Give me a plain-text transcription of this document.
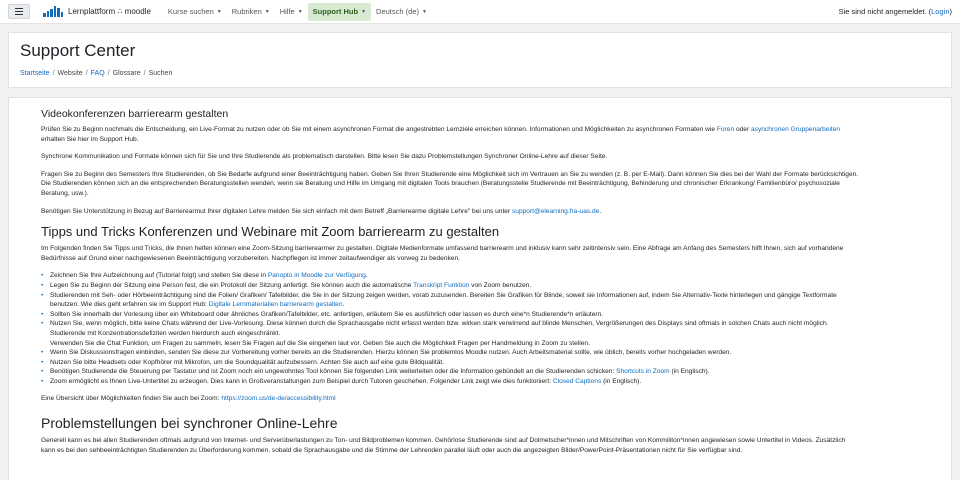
Lernplattform ∴ moodle Kurse suchen ▼ Rubriken ▼ Hilfe ▼ Support Hub ▼ Deutsch (de) ▼	Sie sind nicht angemeldet. (Login)
Support Center
Startseite / Website / FAQ / Glossare / Suchen
Videokonferenzen barrierearm gestalten

Prüfen Sie zu Beginn nochmals die Entscheidung, ein Live-Format zu nutzen oder ob Sie mit einem asynchronen Format die angestrebten Lernziele erreichen können. Informationen und Möglichkeiten zu asynchronen Formaten wie Foren oder asynchronen Gruppenarbeiten erhalten Sie hier im Support Hub.

Synchrone Kommunikation und Formate können sich für Sie und Ihre Studierende als problematisch darstellen. Bitte lesen Sie dazu Problemstellungen Synchroner Online-Lehre auf dieser Seite.

Fragen Sie zu Beginn des Semesters Ihre Studierenden, ob Sie Bedarfe aufgrund einer Beeinträchtigung haben. Geben Sie Ihren Studierende eine Möglichkeit sich im Vertrauen an Sie zu wenden (z. B. per E-Mail). Dann können Sie dies bei der Wahl der Formate berücksichtigen. Die Studierenden können sich an die entsprechenden Beratungsstellen wenden, wenn sie Beratung und Hilfe im Umgang mit digitalen Tools brauchen (Beratungsstelle Studierende mit Beeinträchtigung, Behinderung und chronischer Erkrankung/ Familienbüro/ psychosoziale Beratung, usw.).

Benötigen Sie Unterstützung in Bezug auf Barrierearmut Ihrer digitalen Lehre melden Sie sich einfach mit dem Betreff „Barrierearme digitale Lehre" bei uns unter support@elearning.fra-uas.de.

Tipps und Tricks Konferenzen und Webinare mit Zoom barrierearm zu gestalten

Im Folgenden finden Sie Tipps und Tricks, die Ihnen helfen können eine Zoom-Sitzung barrierearmer zu gestalten. Digitale Medienformate umfassend barrierearm und inklusiv kann sehr zeitintensiv sein. Eine Abfrage am Anfang des Semesters hilft Ihnen, sich auf vorhandene Bedürfnisse auf Grund einer nachgewiesenen Beeinträchtigung vorzubereiten. Nachpflegen ist immer zeitaufwendiger als vorweg zu bedenken.

• Zeichnen Sie Ihre Aufzeichnung auf (Tutorial folgt) und stellen Sie diese in Panopto in Moodle zur Verfügung.
• Legen Sie zu Beginn der Sitzung eine Person fest, die ein Protokoll der Sitzung anfertigt. Sie können auch die automatische Transkript Funktion von Zoom benutzen.
• Studierenden mit Seh- oder Hörbeeinträchtigung sind die Folien/ Grafiken/ Tafelbilder, die Sie in der Sitzung zeigen werden, vorab zuzusenden. Bereiten Sie Grafiken für Blinde, soweit sie Informationen auf, indem Sie Alternativ-Texte hinterlegen und gängige Textformate benutzen. Wie dies geht erfahren sie im Support Hub: Digitale Lernmaterialien barrierearm gestalten.
• Sollten Sie innerhalb der Vorlesung über ein Whiteboard oder ähnliches Grafiken/Tafelbilder, etc. anfertigen, erläutern Sie es ausführlich oder lassen es durch eine*n Studierende*n erläutern.
• Nutzen Sie, wenn möglich, bitte keine Chats während der Live-Vorlesung. Diese können durch die Sprachausgabe nicht erfasst werden bzw. wirken stark verwirrend auf blinde Menschen, Vergrößerungen des Displays sind oftmals in solchen Chats auch nicht möglich. Studierende mit Konzentrationsdefiziten werden hierdurch auch eingeschränkt.
Verwenden Sie die Chat Funktion, um Fragen zu sammeln, lesen Sie Fragen auf die Sie eingehen laut vor. Geben Sie auch die Möglichkeit Fragen per Handmeldung in Zoom zu stellen.
• Wenn Sie Diskussionsfragen einbinden, senden Sie diese zur Vorbereitung vorher bereits an die Studierenden. Hierzu können Sie problemlos Moodle nutzen. Auch Arbeitsmaterial sollte, wie üblich, bereits vorher hochgeladen werden.
• Nutzen Sie bitte Headsets oder Kopfhörer mit Mikrofon, um die Soundqualität aufzubessern. Achten Sie auch auf eine gute Bildqualität.
• Benötigen Studierende die Steuerung per Tastatur und ist Zoom noch ein ungewohntes Tool können Sie folgenden Link weiterleiten oder die Information gebündelt an die Studierenden schicken: Shortcuts in Zoom (in Englisch).
• Zoom ermöglicht es Ihnen Live-Untertitel zu erzeugen. Dies kann in Großveranstaltungen zum Beispiel durch Tutoren geschehen. Folgender Link zeigt wie dies funktioniert: Closed Captions (in Englisch).

Eine Übersicht über Möglichkeiten finden Sie auch bei Zoom: https://zoom.us/de-de/accessibility.html

Problemstellungen bei synchroner Online-Lehre

Generell kann es bei allen Studierenden oftmals aufgrund von Internet- und Serverüberlastungen zu Ton- und Bildproblemen kommen. Gehörlose Studierende sind auf Dolmetscher*innen und Mitschriften von Kommiliton*innen angewiesen sowie Untertitel in Videos. Zusätzlich kann es bei den sehbeeinträchtigten Studierenden zu Überforderung kommen, sobald die Sprachausgabe und die Stimme der Lehrenden parallel läuft oder auch die angezeigten Bilder/PowerPoint-Präsentationen nicht für Sie verfügbar sind.
